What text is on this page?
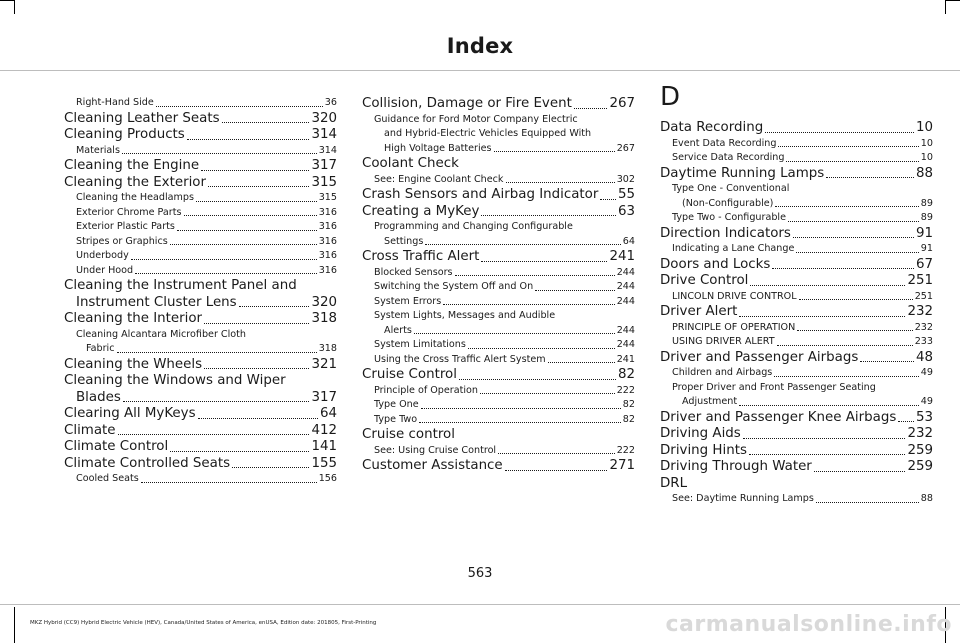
Index
Right-Hand Side	36
Cleaning Leather Seats	320
Cleaning Products	314
Materials	314
Cleaning the Engine	317
Cleaning the Exterior	315
Cleaning the Headlamps	315
Exterior Chrome Parts	316
Exterior Plastic Parts	316
Stripes or Graphics	316
Underbody	316
Under Hood	316
Cleaning the Instrument Panel and
Instrument Cluster Lens	320
Cleaning the Interior	318
Cleaning Alcantara Microfiber Cloth
Fabric	318
Cleaning the Wheels	321
Cleaning the Windows and Wiper
Blades	317
Clearing All MyKeys	64
Climate	412
Climate Control	141
Climate Controlled Seats	155
Cooled Seats	156
Collision, Damage or Fire Event	267
Guidance for Ford Motor Company Electric
and Hybrid-Electric Vehicles Equipped With
High Voltage Batteries	267
Coolant Check
See: Engine Coolant Check	302
Crash Sensors and Airbag Indicator 55
Creating a MyKey	63
Programming and Changing Configurable
Settings	64
Cross Traffic Alert	241
Blocked Sensors	244
Switching the System Off and On	244
System Errors	244
System Lights, Messages and Audible
Alerts	244
System Limitations	244
Using the Cross Traffic Alert System	241
Cruise Control	82
Principle of Operation	222
Type One	82
Type Two	82
Cruise control
See: Using Cruise Control	222
Customer Assistance	271
D
Data Recording	10
Event Data Recording	10
Service Data Recording	10
Daytime Running Lamps	88
Type One - Conventional
(Non-Configurable)	89
Type Two - Configurable	89
Direction Indicators	91
Indicating a Lane Change	91
Doors and Locks	67
Drive Control	251
LINCOLN DRIVE CONTROL	251
Driver Alert	232
PRINCIPLE OF OPERATION	232
USING DRIVER ALERT	233
Driver and Passenger Airbags	48
Children and Airbags	49
Proper Driver and Front Passenger Seating
Adjustment	49
Driver and Passenger Knee Airbags 53
Driving Aids	232
Driving Hints	259
Driving Through Water	259
DRL
See: Daytime Running Lamps	88
563
MKZ Hybrid (CC9) Hybrid Electric Vehicle (HEV), Canada/United States of America, enUSA, Edition date: 201805, First-Printing	carmanualsonline.info
